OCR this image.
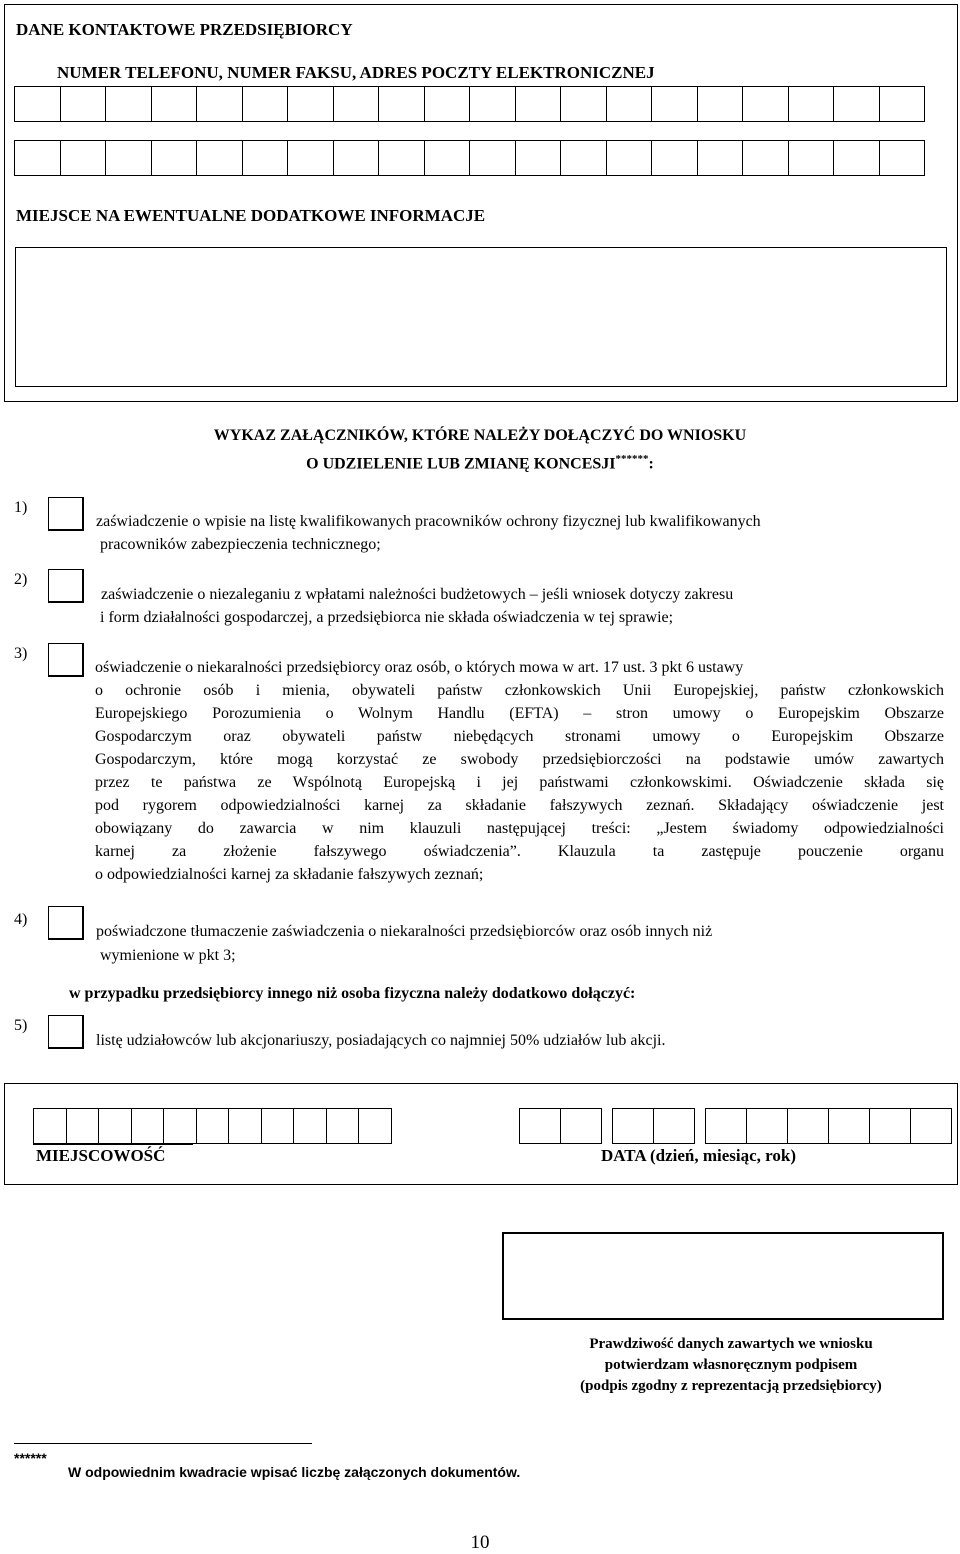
DANE KONTAKTOWE PRZEDSIĘBIORCY
NUMER TELEFONU, NUMER FAKSU, ADRES POCZTY ELEKTRONICZNEJ
MIEJSCE NA EWENTUALNE DODATKOWE INFORMACJE
WYKAZ ZAŁĄCZNIKÓW, KTÓRE NALEŻY DOŁĄCZYĆ DO WNIOSKU
O UDZIELENIE LUB ZMIANĘ KONCESJI******:
1)
zaświadczenie o wpisie na listę kwalifikowanych pracowników ochrony fizycznej lub kwalifikowanych
pracowników zabezpieczenia technicznego;
2)
zaświadczenie o niezaleganiu z wpłatami należności budżetowych – jeśli wniosek dotyczy zakresu
i form działalności gospodarczej, a przedsiębiorca nie składa oświadczenia w tej sprawie;
3)
oświadczenie o niekaralności przedsiębiorcy oraz osób, o których mowa w art. 17 ust. 3 pkt 6 ustawy
o ochronie osób i mienia, obywateli państw członkowskich Unii Europejskiej, państw członkowskich
Europejskiego Porozumienia o Wolnym Handlu (EFTA) – stron umowy o Europejskim Obszarze
Gospodarczym oraz obywateli państw niebędących stronami umowy o Europejskim Obszarze
Gospodarczym, które mogą korzystać ze swobody przedsiębiorczości na podstawie umów zawartych
przez te państwa ze Wspólnotą Europejską i jej państwami członkowskimi. Oświadczenie składa się
pod rygorem odpowiedzialności karnej za składanie fałszywych zeznań. Składający oświadczenie jest
obowiązany do zawarcia w nim klauzuli następującej treści: „Jestem świadomy odpowiedzialności
karnej za złożenie fałszywego oświadczenia”. Klauzula ta zastępuje pouczenie organu
o odpowiedzialności karnej za składanie fałszywych zeznań;
4)
poświadczone tłumaczenie zaświadczenia o niekaralności przedsiębiorców oraz osób innych niż
wymienione w pkt 3;
w przypadku przedsiębiorcy innego niż osoba fizyczna należy dodatkowo dołączyć:
5)
listę udziałowców lub akcjonariuszy, posiadających co najmniej 50% udziałów lub akcji.
MIEJSCOWOŚĆ	DATA (dzień, miesiąc, rok)
Prawdziwość danych zawartych we wniosku
potwierdzam własnoręcznym podpisem
(podpis zgodny z reprezentacją przedsiębiorcy)
******
W odpowiednim kwadracie wpisać liczbę załączonych dokumentów.
10
